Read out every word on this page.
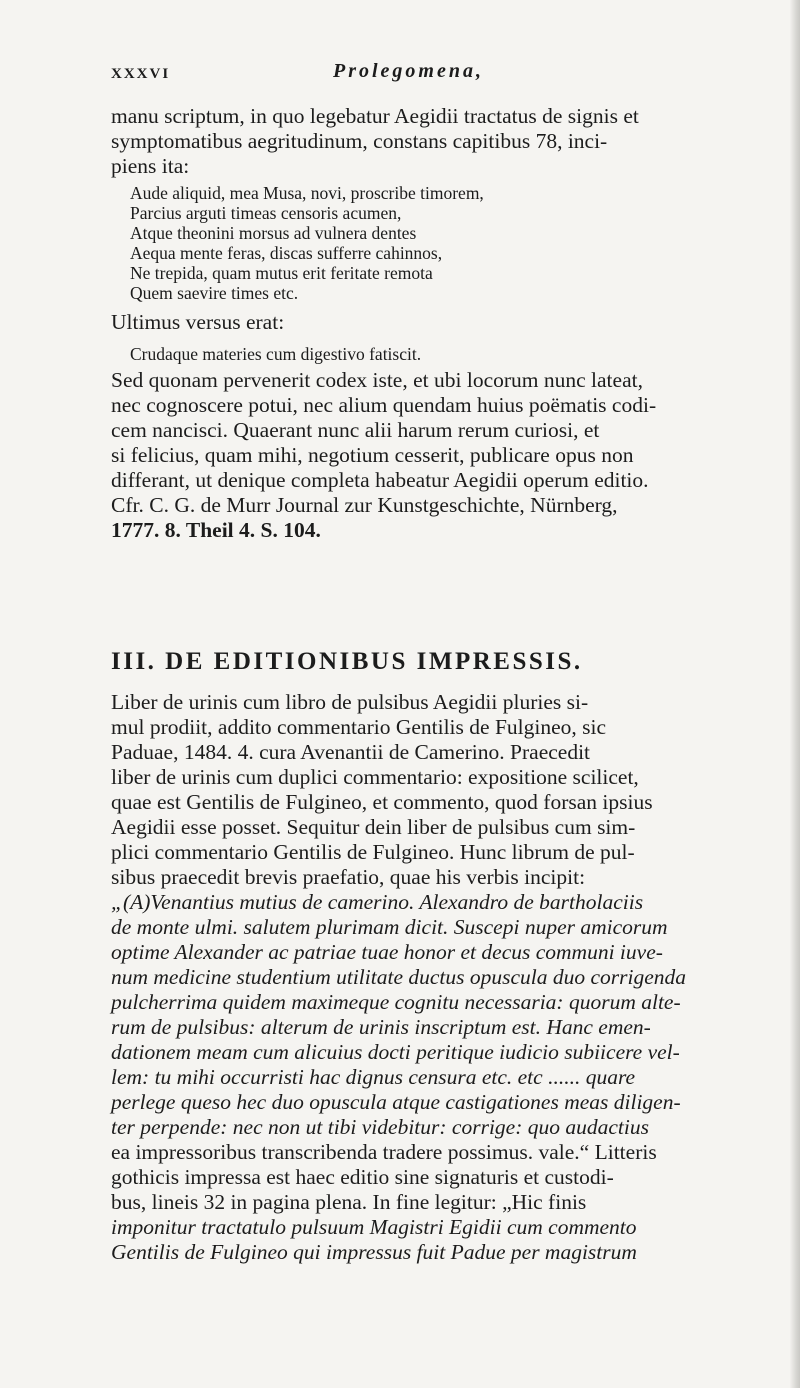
XXXVI	Prolegomena,

manu scriptum, in quo legebatur Aegidii tractatus de signis et
symptomatibus aegritudinum, constans capitibus 78, inci-
piens ita:

Aude aliquid, mea Musa, novi, proscribe timorem,
Parcius arguti timeas censoris acumen,
Atque theonini morsus ad vulnera dentes
Aequa mente feras, discas sufferre cahinnos,
Ne trepida, quam mutus erit feritate remota
Quem saevire times etc.

Ultimus versus erat:

Crudaque materies cum digestivo fatiscit.

Sed quonam pervenerit codex iste, et ubi locorum nunc lateat,
nec cognoscere potui, nec alium quendam huius poëmatis codi-
cem nancisci. Quaerant nunc alii harum rerum curiosi, et
si felicius, quam mihi, negotium cesserit, publicare opus non
differant, ut denique completa habeatur Aegidii operum editio.
Cfr. C. G. de Murr Journal zur Kunstgeschichte, Nürnberg,
1777. 8. Theil 4. S. 104.

III. DE EDITIONIBUS IMPRESSIS.

Liber de urinis cum libro de pulsibus Aegidii pluries si-
mul prodiit, addito commentario Gentilis de Fulgineo, sic

Paduae, 1484. 4. cura Avenantii de Camerino. Praecedit
liber de urinis cum duplici commentario: expositione scilicet,
quae est Gentilis de Fulgineo, et commento, quod forsan ipsius
Aegidii esse posset. Sequitur dein liber de pulsibus cum sim-
plici commentario Gentilis de Fulgineo. Hunc librum de pul-
sibus praecedit brevis praefatio, quae his verbis incipit:
„(A)Venantius mutius de camerino. Alexandro de bartholaciis
de monte ulmi. salutem plurimam dicit. Suscepi nuper amicorum
optime Alexander ac patriae tuae honor et decus communi iuve-
num medicine studentium utilitate ductus opuscula duo corrigenda
pulcherrima quidem maximeque cognitu necessaria: quorum alte-
rum de pulsibus: alterum de urinis inscriptum est. Hanc emen-
dationem meam cum alicuius docti peritique iudicio subiicere vel-
lem: tu mihi occurristi hac dignus censura etc. etc ...... quare
perlege queso hec duo opuscula atque castigationes meas diligen-
ter perpende: nec non ut tibi videbitur: corrige: quo audactius
ea impressoribus transcribenda tradere possimus. vale.“ Litteris
gothicis impressa est haec editio sine signaturis et custodi-
bus, lineis 32 in pagina plena. In fine legitur: „Hic finis
imponitur tractatulo pulsuum Magistri Egidii cum commento
Gentilis de Fulgineo qui impressus fuit Padue per magistrum
